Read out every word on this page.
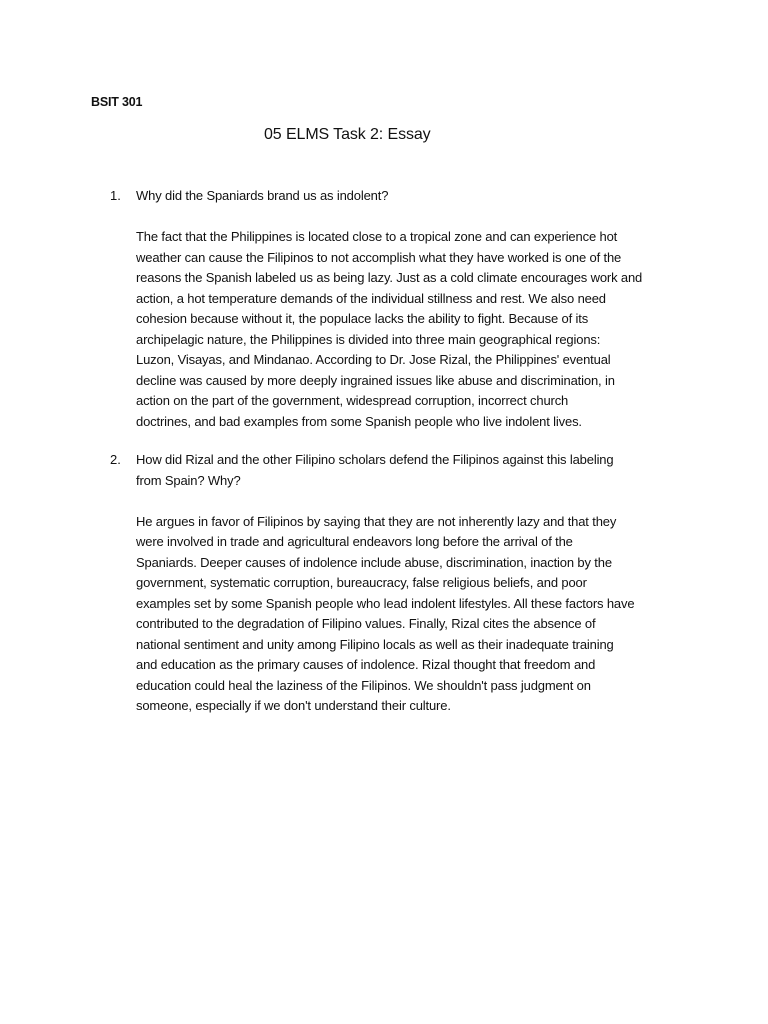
BSIT 301
05 ELMS Task 2: Essay
1. Why did the Spaniards brand us as indolent?

The fact that the Philippines is located close to a tropical zone and can experience hot
weather can cause the Filipinos to not accomplish what they have worked is one of the
reasons the Spanish labeled us as being lazy. Just as a cold climate encourages work and
action, a hot temperature demands of the individual stillness and rest. We also need
cohesion because without it, the populace lacks the ability to fight. Because of its
archipelagic nature, the Philippines is divided into three main geographical regions:
Luzon, Visayas, and Mindanao. According to Dr. Jose Rizal, the Philippines' eventual
decline was caused by more deeply ingrained issues like abuse and discrimination, in
action on the part of the government, widespread corruption, incorrect church
doctrines, and bad examples from some Spanish people who live indolent lives.

2. How did Rizal and the other Filipino scholars defend the Filipinos against this labeling
from Spain? Why?

He argues in favor of Filipinos by saying that they are not inherently lazy and that they
were involved in trade and agricultural endeavors long before the arrival of the
Spaniards. Deeper causes of indolence include abuse, discrimination, inaction by the
government, systematic corruption, bureaucracy, false religious beliefs, and poor
examples set by some Spanish people who lead indolent lifestyles. All these factors have
contributed to the degradation of Filipino values. Finally, Rizal cites the absence of
national sentiment and unity among Filipino locals as well as their inadequate training
and education as the primary causes of indolence. Rizal thought that freedom and
education could heal the laziness of the Filipinos. We shouldn't pass judgment on
someone, especially if we don't understand their culture.
